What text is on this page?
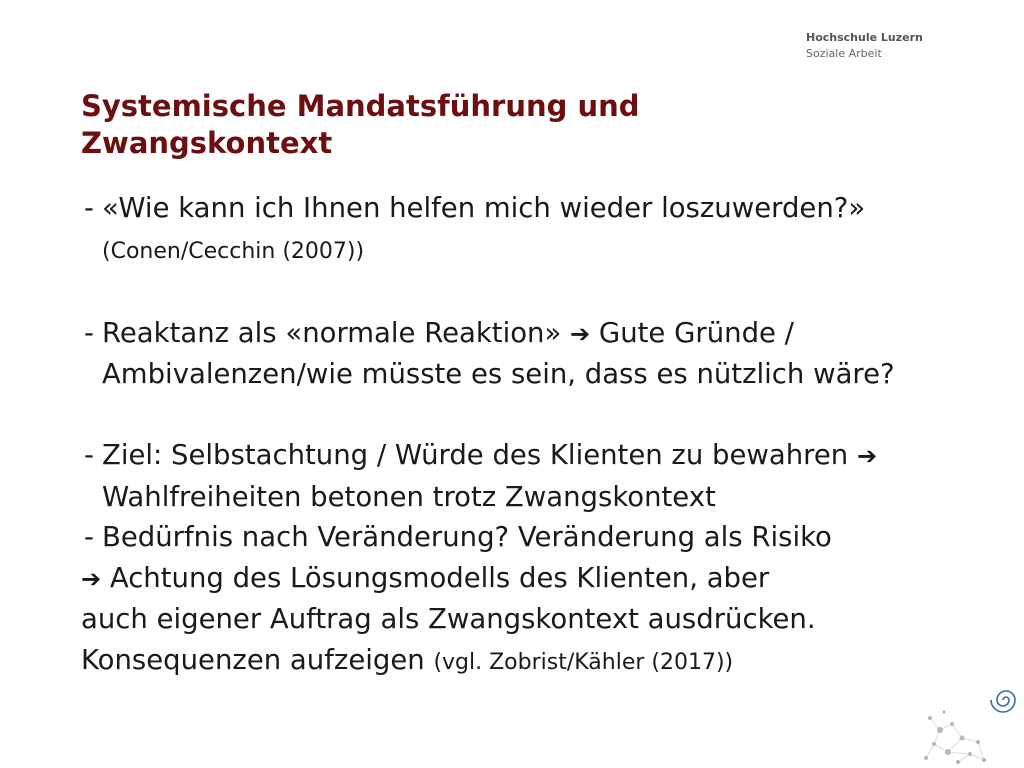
Hochschule Luzern
Soziale Arbeit
Systemische Mandatsführung und Zwangskontext
- «Wie kann ich Ihnen helfen mich wieder loszuwerden?» (Conen/Cecchin (2007))
- Reaktanz als «normale Reaktion» ➔ Gute Gründe / Ambivalenzen/wie müsste es sein, dass es nützlich wäre?
- Ziel: Selbstachtung / Würde des Klienten zu bewahren ➔ Wahlfreiheiten betonen trotz Zwangskontext
- Bedürfnis nach Veränderung? Veränderung als Risiko
➔ Achtung des Lösungsmodells des Klienten, aber
auch eigener Auftrag als Zwangskontext ausdrücken.
Konsequenzen aufzeigen (vgl. Zobrist/Kähler (2017))
